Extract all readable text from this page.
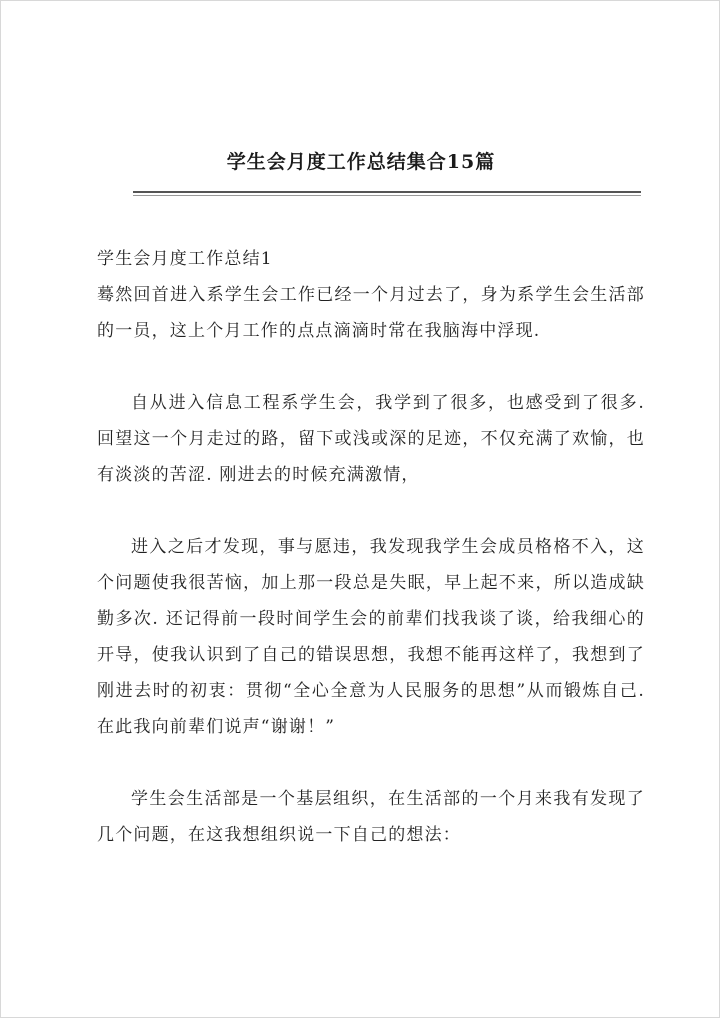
学生会月度工作总结集合15篇

学生会月度工作总结1

蓦然回首进入系学生会工作已经一个月过去了，身为系学生会生活部的一员，这上个月工作的点点滴滴时常在我脑海中浮现.

自从进入信息工程系学生会，我学到了很多，也感受到了很多. 回望这一个月走过的路，留下或浅或深的足迹，不仅充满了欢愉，也有淡淡的苦涩. 刚进去的时候充满激情，

进入之后才发现，事与愿违，我发现我学生会成员格格不入，这个问题使我很苦恼，加上那一段总是失眠，早上起不来，所以造成缺勤多次. 还记得前一段时间学生会的前辈们找我谈了谈，给我细心的开导，使我认识到了自己的错误思想，我想不能再这样了，我想到了刚进去时的初衷：贯彻“全心全意为人民服务的思想”从而锻炼自己. 在此我向前辈们说声“谢谢！”

学生会生活部是一个基层组织，在生活部的一个月来我有发现了几个问题，在这我想组织说一下自己的想法：
